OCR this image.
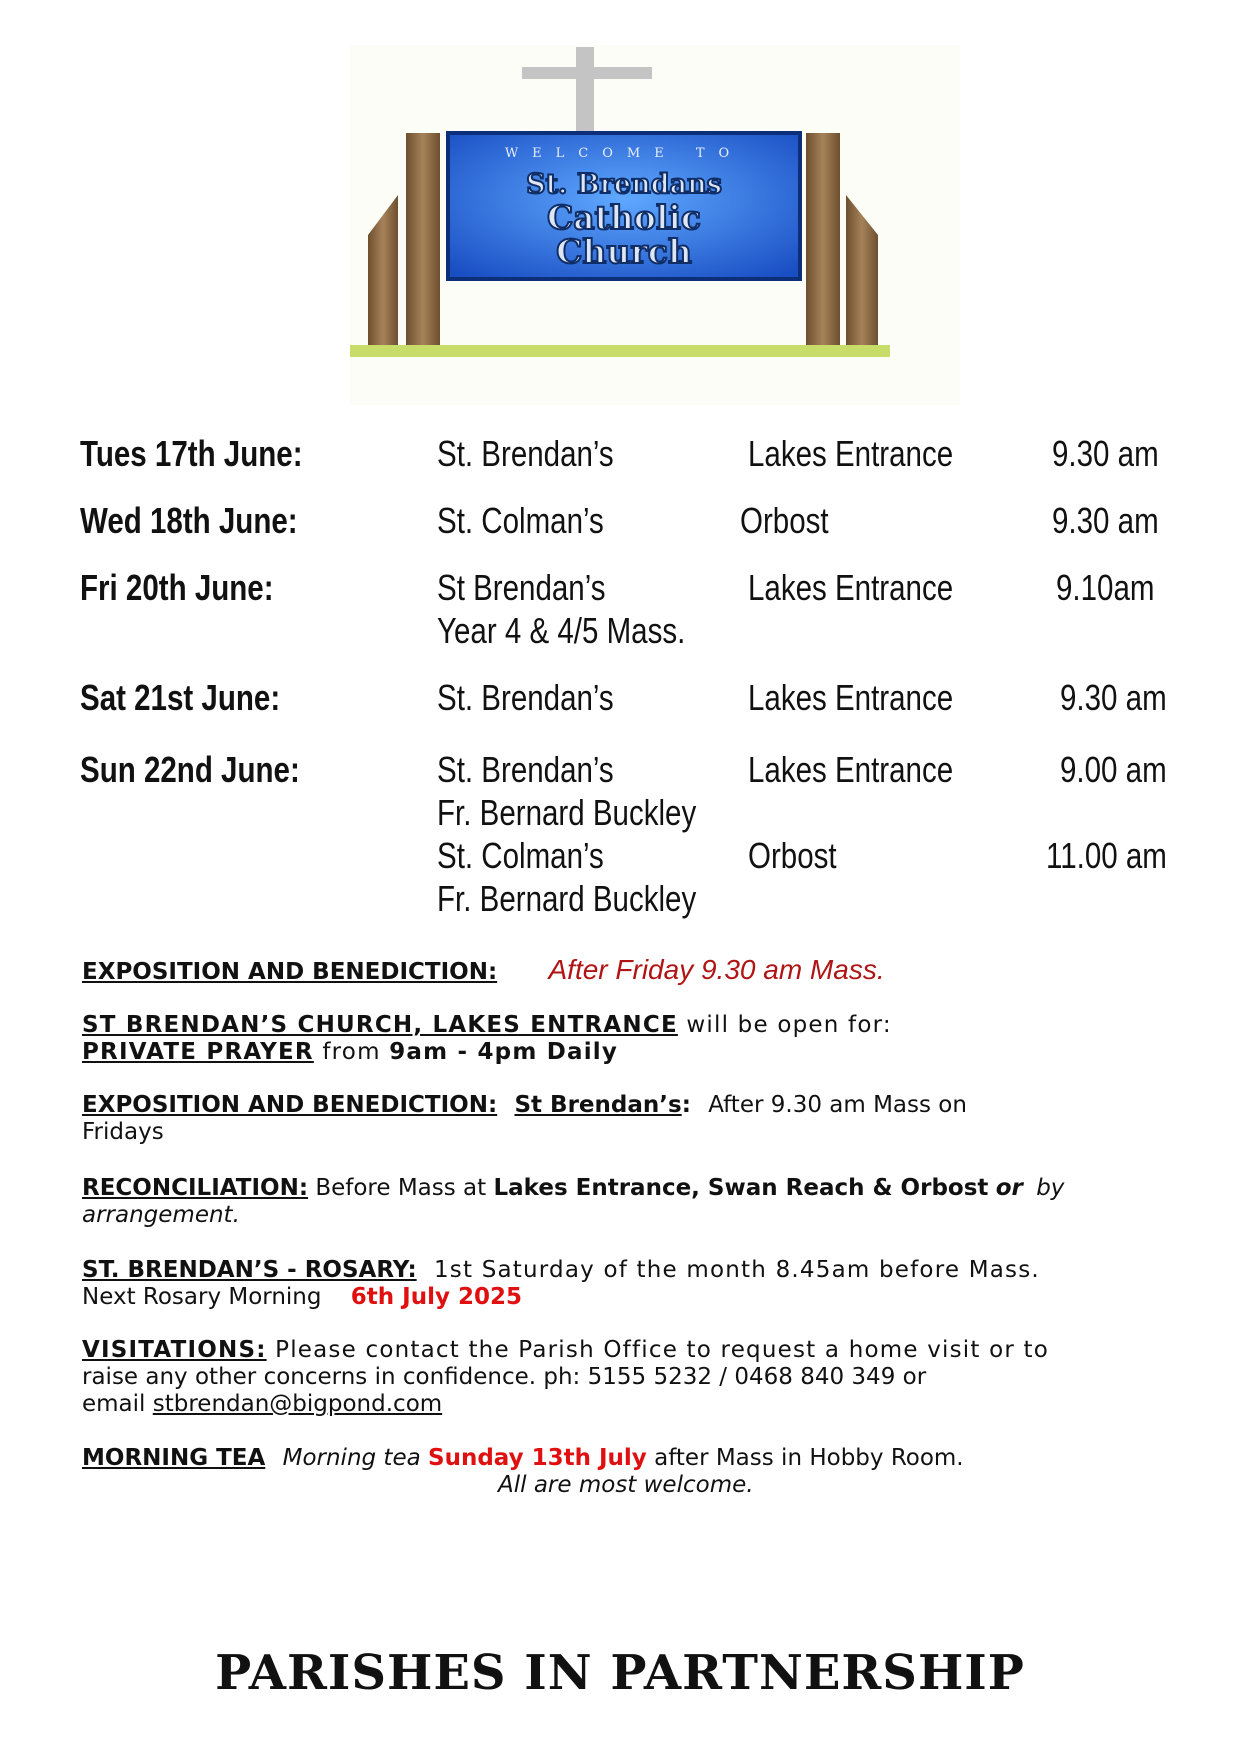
WELCOME TO
St. Brendans
Catholic
Church
Tues 17th June:	St. Brendan’s	Lakes Entrance	9.30 am
Wed 18th June:	St. Colman’s	Orbost	9.30 am
Fri 20th June:	St Brendan’s	Lakes Entrance	9.10am
Year 4 & 4/5 Mass.
Sat 21st June:	St. Brendan’s	Lakes Entrance	9.30 am
Sun 22nd June:	St. Brendan’s	Lakes Entrance	9.00 am
Fr. Bernard Buckley
St. Colman’s	Orbost	11.00 am
Fr. Bernard Buckley
EXPOSITION AND BENEDICTION: After Friday 9.30 am Mass.
ST BRENDAN’S CHURCH, LAKES ENTRANCE will be open for:
PRIVATE PRAYER from 9am - 4pm Daily
EXPOSITION AND BENEDICTION: St Brendan’s: After 9.30 am Mass on
Fridays
RECONCILIATION: Before Mass at Lakes Entrance, Swan Reach & Orbost or by
arrangement.
ST. BRENDAN’S - ROSARY: 1st Saturday of the month 8.45am before Mass.
Next Rosary Morning 6th July 2025
VISITATIONS: Please contact the Parish Office to request a home visit or to
raise any other concerns in confidence. ph: 5155 5232 / 0468 840 349 or
email stbrendan@bigpond.com
MORNING TEA Morning tea Sunday 13th July after Mass in Hobby Room.
All are most welcome.
PARISHES IN PARTNERSHIP
